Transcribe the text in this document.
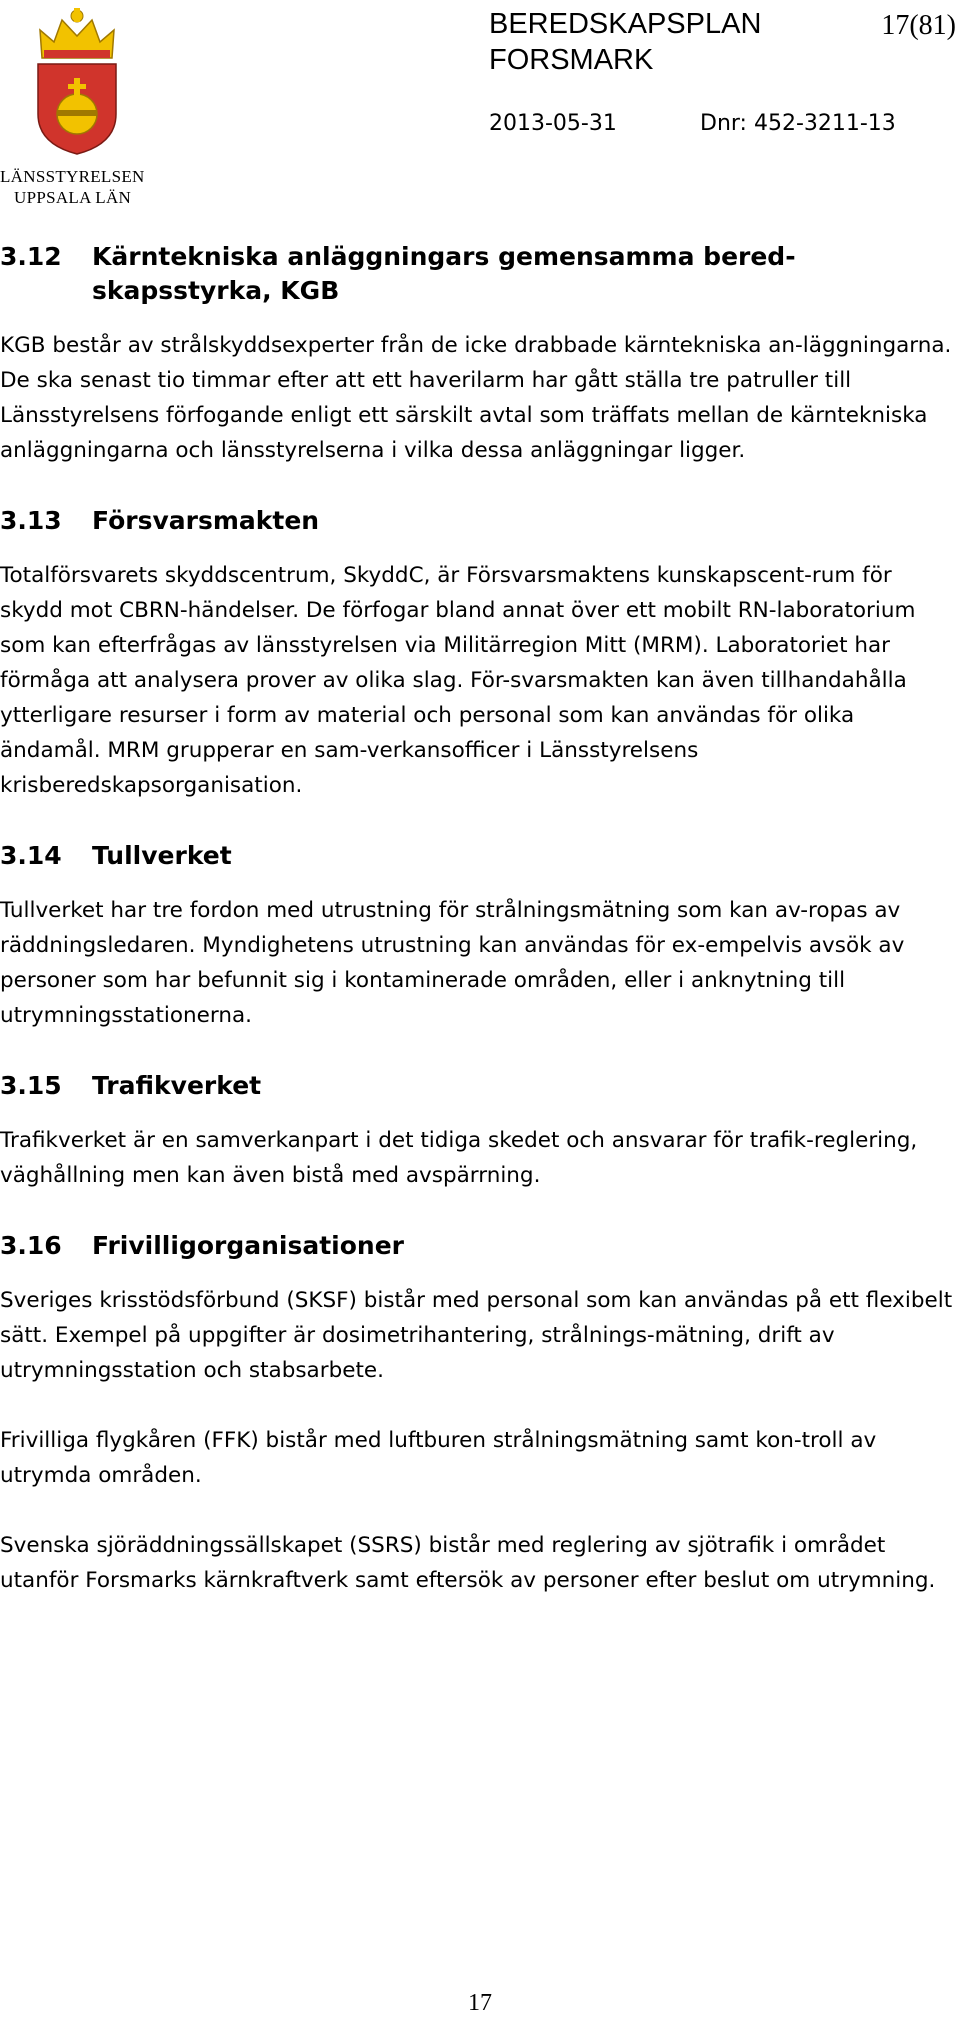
LÄNSSTYRELSEN
UPPSALA LÄN
BEREDSKAPSPLAN
FORSMARK
17(81)
2013-05-31	Dnr: 452-3211-13
3.12	Kärntekniska anläggningars gemensamma bered-skapsstyrka, KGB

KGB består av strålskyddsexperter från de icke drabbade kärntekniska an-läggningarna. De ska senast tio timmar efter att ett haverilarm har gått ställa tre patruller till Länsstyrelsens förfogande enligt ett särskilt avtal som träffats mellan de kärntekniska anläggningarna och länsstyrelserna i vilka dessa anläggningar ligger.

3.13	Försvarsmakten

Totalförsvarets skyddscentrum, SkyddC, är Försvarsmaktens kunskapscent-rum för skydd mot CBRN-händelser. De förfogar bland annat över ett mobilt RN-laboratorium som kan efterfrågas av länsstyrelsen via Militärregion Mitt (MRM). Laboratoriet har förmåga att analysera prover av olika slag. För-svarsmakten kan även tillhandahålla ytterligare resurser i form av material och personal som kan användas för olika ändamål. MRM grupperar en sam-verkansofficer i Länsstyrelsens krisberedskapsorganisation.

3.14	Tullverket

Tullverket har tre fordon med utrustning för strålningsmätning som kan av-ropas av räddningsledaren. Myndighetens utrustning kan användas för ex-empelvis avsök av personer som har befunnit sig i kontaminerade områden, eller i anknytning till utrymningsstationerna.

3.15	Trafikverket

Trafikverket är en samverkanpart i det tidiga skedet och ansvarar för trafik-reglering, väghållning men kan även bistå med avspärrning.

3.16	Frivilligorganisationer

Sveriges krisstödsförbund (SKSF) bistår med personal som kan användas på ett flexibelt sätt. Exempel på uppgifter är dosimetrihantering, strålnings-mätning, drift av utrymningsstation och stabsarbete.

Frivilliga flygkåren (FFK) bistår med luftburen strålningsmätning samt kon-troll av utrymda områden.

Svenska sjöräddningssällskapet (SSRS) bistår med reglering av sjötrafik i området utanför Forsmarks kärnkraftverk samt eftersök av personer efter beslut om utrymning.

17
